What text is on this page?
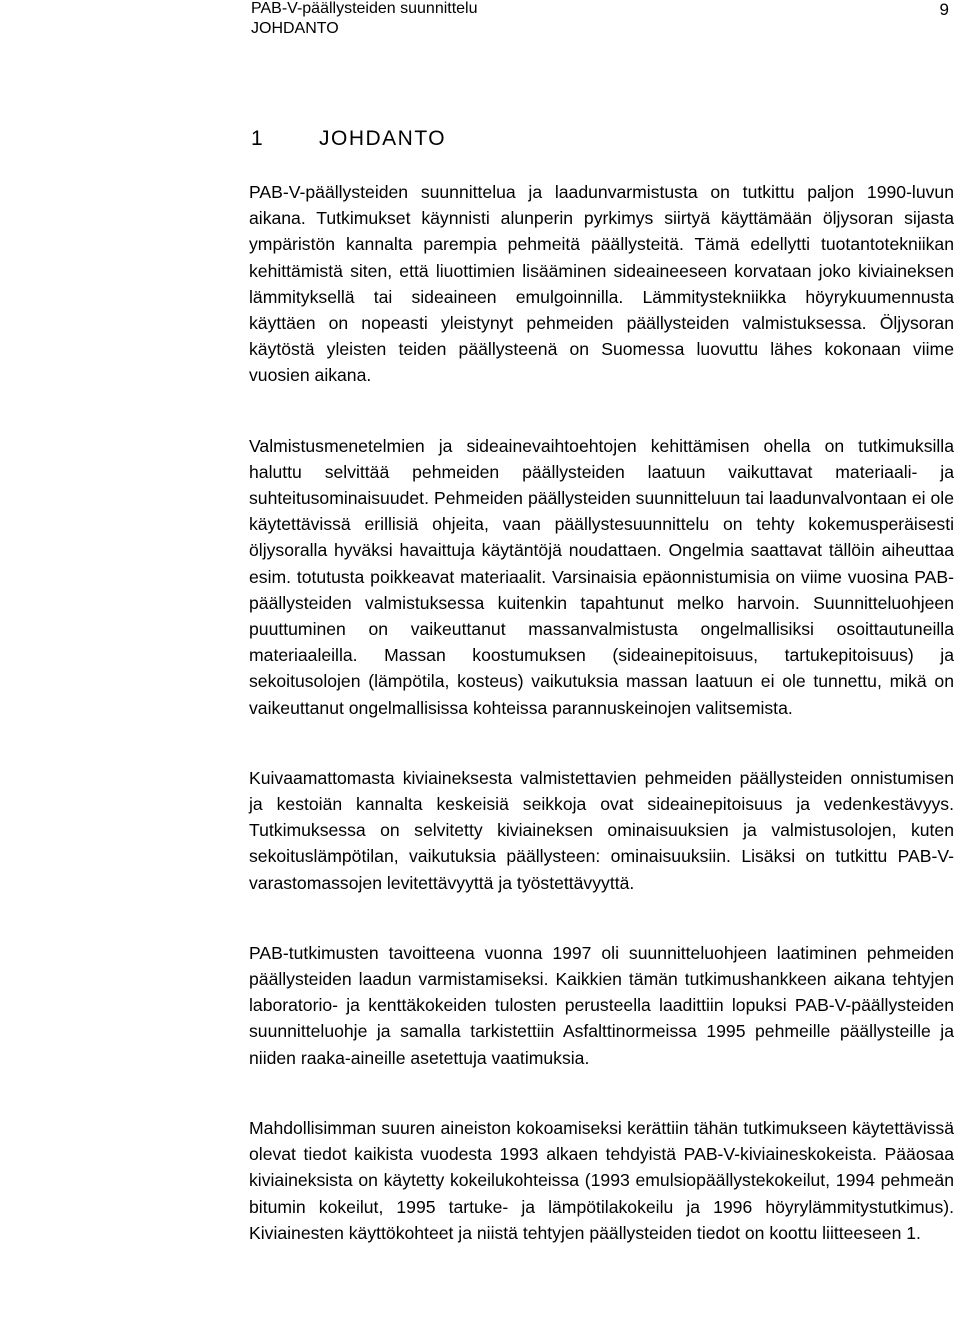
PAB-V-päällysteiden suunnittelu
JOHDANTO
9
1	JOHDANTO

PAB-V-päällysteiden suunnittelua ja laadunvarmistusta on tutkittu paljon 1990-luvun aikana. Tutkimukset käynnisti alunperin pyrkimys siirtyä käyttämään öljysoran sijasta ympäristön kannalta parempia pehmeitä päällysteitä. Tämä edellytti tuotantotekniikan kehittämistä siten, että liuottimien lisääminen sideaineeseen korvataan joko kiviaineksen lämmityksellä tai sideaineen emulgoinnilla. Lämmitystekniikka höyrykuumennusta käyttäen on nopeasti yleistynyt pehmeiden päällysteiden valmistuksessa. Öljysoran käytöstä yleisten teiden päällysteenä on Suomessa luovuttu lähes kokonaan viime vuosien aikana.

Valmistusmenetelmien ja sideainevaihtoehtojen kehittämisen ohella on tutkimuksilla haluttu selvittää pehmeiden päällysteiden laatuun vaikuttavat materiaali- ja suhteitusominaisuudet. Pehmeiden päällysteiden suunnitteluun tai laadunvalvontaan ei ole käytettävissä erillisiä ohjeita, vaan päällystesuunnittelu on tehty kokemusperäisesti öljysoralla hyväksi havaittuja käytäntöjä noudattaen. Ongelmia saattavat tällöin aiheuttaa esim. totutusta poikkeavat materiaalit. Varsinaisia epäonnistumisia on viime vuosina PAB-päällysteiden valmistuksessa kuitenkin tapahtunut melko harvoin. Suunnitteluohjeen puuttuminen on vaikeuttanut massanvalmistusta ongelmallisiksi osoittautuneilla materiaaleilla. Massan koostumuksen (sideainepitoisuus, tartukepitoisuus) ja sekoitusolojen (lämpötila, kosteus) vaikutuksia massan laatuun ei ole tunnettu, mikä on vaikeuttanut ongelmallisissa kohteissa parannuskeinojen valitsemista.

Kuivaamattomasta kiviaineksesta valmistettavien pehmeiden päällysteiden onnistumisen ja kestoiän kannalta keskeisiä seikkoja ovat sideainepitoisuus ja vedenkestävyys. Tutkimuksessa on selvitetty kiviaineksen ominaisuuksien ja valmistusolojen, kuten sekoituslämpötilan, vaikutuksia päällysteen: ominaisuuksiin. Lisäksi on tutkittu PAB-V-varastomassojen levitettävyyttä ja työstettävyyttä.

PAB-tutkimusten tavoitteena vuonna 1997 oli suunnitteluohjeen laatiminen pehmeiden päällysteiden laadun varmistamiseksi. Kaikkien tämän tutkimushankkeen aikana tehtyjen laboratorio- ja kenttäkokeiden tulosten perusteella laadittiin lopuksi PAB-V-päällysteiden suunnitteluohje ja samalla tarkistettiin Asfalttinormeissa 1995 pehmeille päällysteille ja niiden raaka-aineille asetettuja vaatimuksia.

Mahdollisimman suuren aineiston kokoamiseksi kerättiin tähän tutkimukseen käytettävissä olevat tiedot kaikista vuodesta 1993 alkaen tehdyistä PAB-V-kiviaineskokeista. Pääosaa kiviaineksista on käytetty kokeilukohteissa (1993 emulsiopäällystekokeilut, 1994 pehmeän bitumin kokeilut, 1995 tartuke- ja lämpötilakokeilu ja 1996 höyrylämmitystutkimus). Kiviainesten käyttökohteet ja niistä tehtyjen päällysteiden tiedot on koottu liitteeseen 1.
